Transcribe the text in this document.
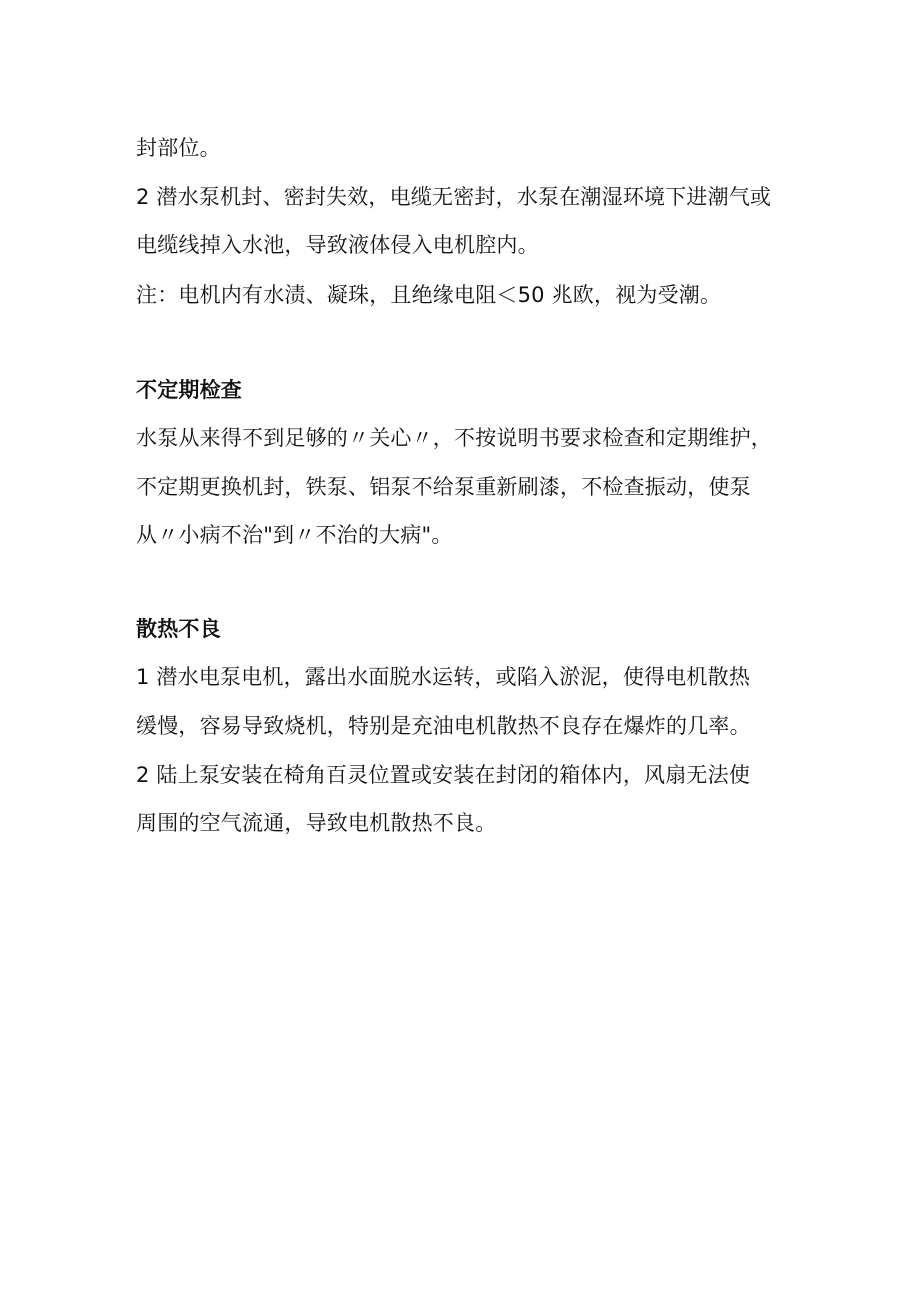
封部位。

2 潜水泵机封、密封失效，电缆无密封，水泵在潮湿环境下进潮气或

电缆线掉入水池，导致液体侵入电机腔内。

注：电机内有水渍、凝珠，且绝缘电阻＜50 兆欧，视为受潮。

不定期检查

水泵从来得不到足够的〃关心〃，不按说明书要求检查和定期维护，

不定期更换机封，铁泵、铝泵不给泵重新刷漆，不检查振动，使泵

从〃小病不治"到〃不治的大病"。

散热不良

1 潜水电泵电机，露出水面脱水运转，或陷入淤泥，使得电机散热

缓慢，容易导致烧机，特别是充油电机散热不良存在爆炸的几率。

2 陆上泵安装在椅角百灵位置或安装在封闭的箱体内，风扇无法使

周围的空气流通，导致电机散热不良。
